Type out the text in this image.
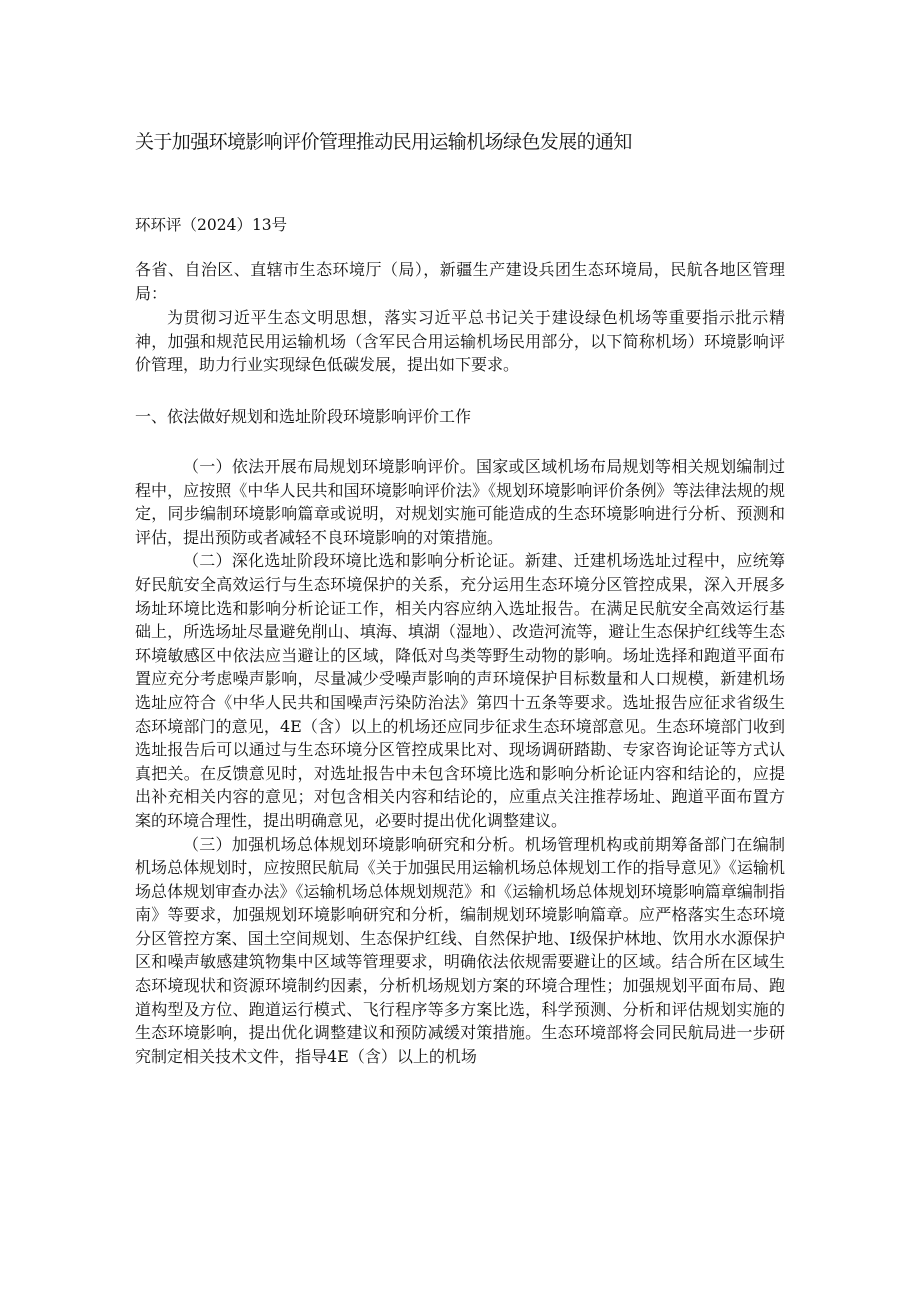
关于加强环境影响评价管理推动民用运输机场绿色发展的通知
环环评（2024）13号

各省、自治区、直辖市生态环境厅（局），新疆生产建设兵团生态环境局，民航各地区管理局：

为贯彻习近平生态文明思想，落实习近平总书记关于建设绿色机场等重要指示批示精神，加强和规范民用运输机场（含军民合用运输机场民用部分，以下简称机场）环境影响评价管理，助力行业实现绿色低碳发展，提出如下要求。

一、依法做好规划和选址阶段环境影响评价工作

（一）依法开展布局规划环境影响评价。国家或区域机场布局规划等相关规划编制过程中，应按照《中华人民共和国环境影响评价法》《规划环境影响评价条例》等法律法规的规定，同步编制环境影响篇章或说明，对规划实施可能造成的生态环境影响进行分析、预测和评估，提出预防或者减轻不良环境影响的对策措施。

（二）深化选址阶段环境比选和影响分析论证。新建、迁建机场选址过程中，应统筹好民航安全高效运行与生态环境保护的关系，充分运用生态环境分区管控成果，深入开展多场址环境比选和影响分析论证工作，相关内容应纳入选址报告。在满足民航安全高效运行基础上，所选场址尽量避免削山、填海、填湖（湿地）、改造河流等，避让生态保护红线等生态环境敏感区中依法应当避让的区域，降低对鸟类等野生动物的影响。场址选择和跑道平面布置应充分考虑噪声影响，尽量减少受噪声影响的声环境保护目标数量和人口规模，新建机场选址应符合《中华人民共和国噪声污染防治法》第四十五条等要求。选址报告应征求省级生态环境部门的意见，4E（含）以上的机场还应同步征求生态环境部意见。生态环境部门收到选址报告后可以通过与生态环境分区管控成果比对、现场调研踏勘、专家咨询论证等方式认真把关。在反馈意见时，对选址报告中未包含环境比选和影响分析论证内容和结论的，应提出补充相关内容的意见；对包含相关内容和结论的，应重点关注推荐场址、跑道平面布置方案的环境合理性，提出明确意见，必要时提出优化调整建议。

（三）加强机场总体规划环境影响研究和分析。机场管理机构或前期筹备部门在编制机场总体规划时，应按照民航局《关于加强民用运输机场总体规划工作的指导意见》《运输机场总体规划审查办法》《运输机场总体规划规范》和《运输机场总体规划环境影响篇章编制指南》等要求，加强规划环境影响研究和分析，编制规划环境影响篇章。应严格落实生态环境分区管控方案、国土空间规划、生态保护红线、自然保护地、I级保护林地、饮用水水源保护区和噪声敏感建筑物集中区域等管理要求，明确依法依规需要避让的区域。结合所在区域生态环境现状和资源环境制约因素，分析机场规划方案的环境合理性；加强规划平面布局、跑道构型及方位、跑道运行模式、飞行程序等多方案比选，科学预测、分析和评估规划实施的生态环境影响，提出优化调整建议和预防减缓对策措施。生态环境部将会同民航局进一步研究制定相关技术文件，指导4E（含）以上的机场
